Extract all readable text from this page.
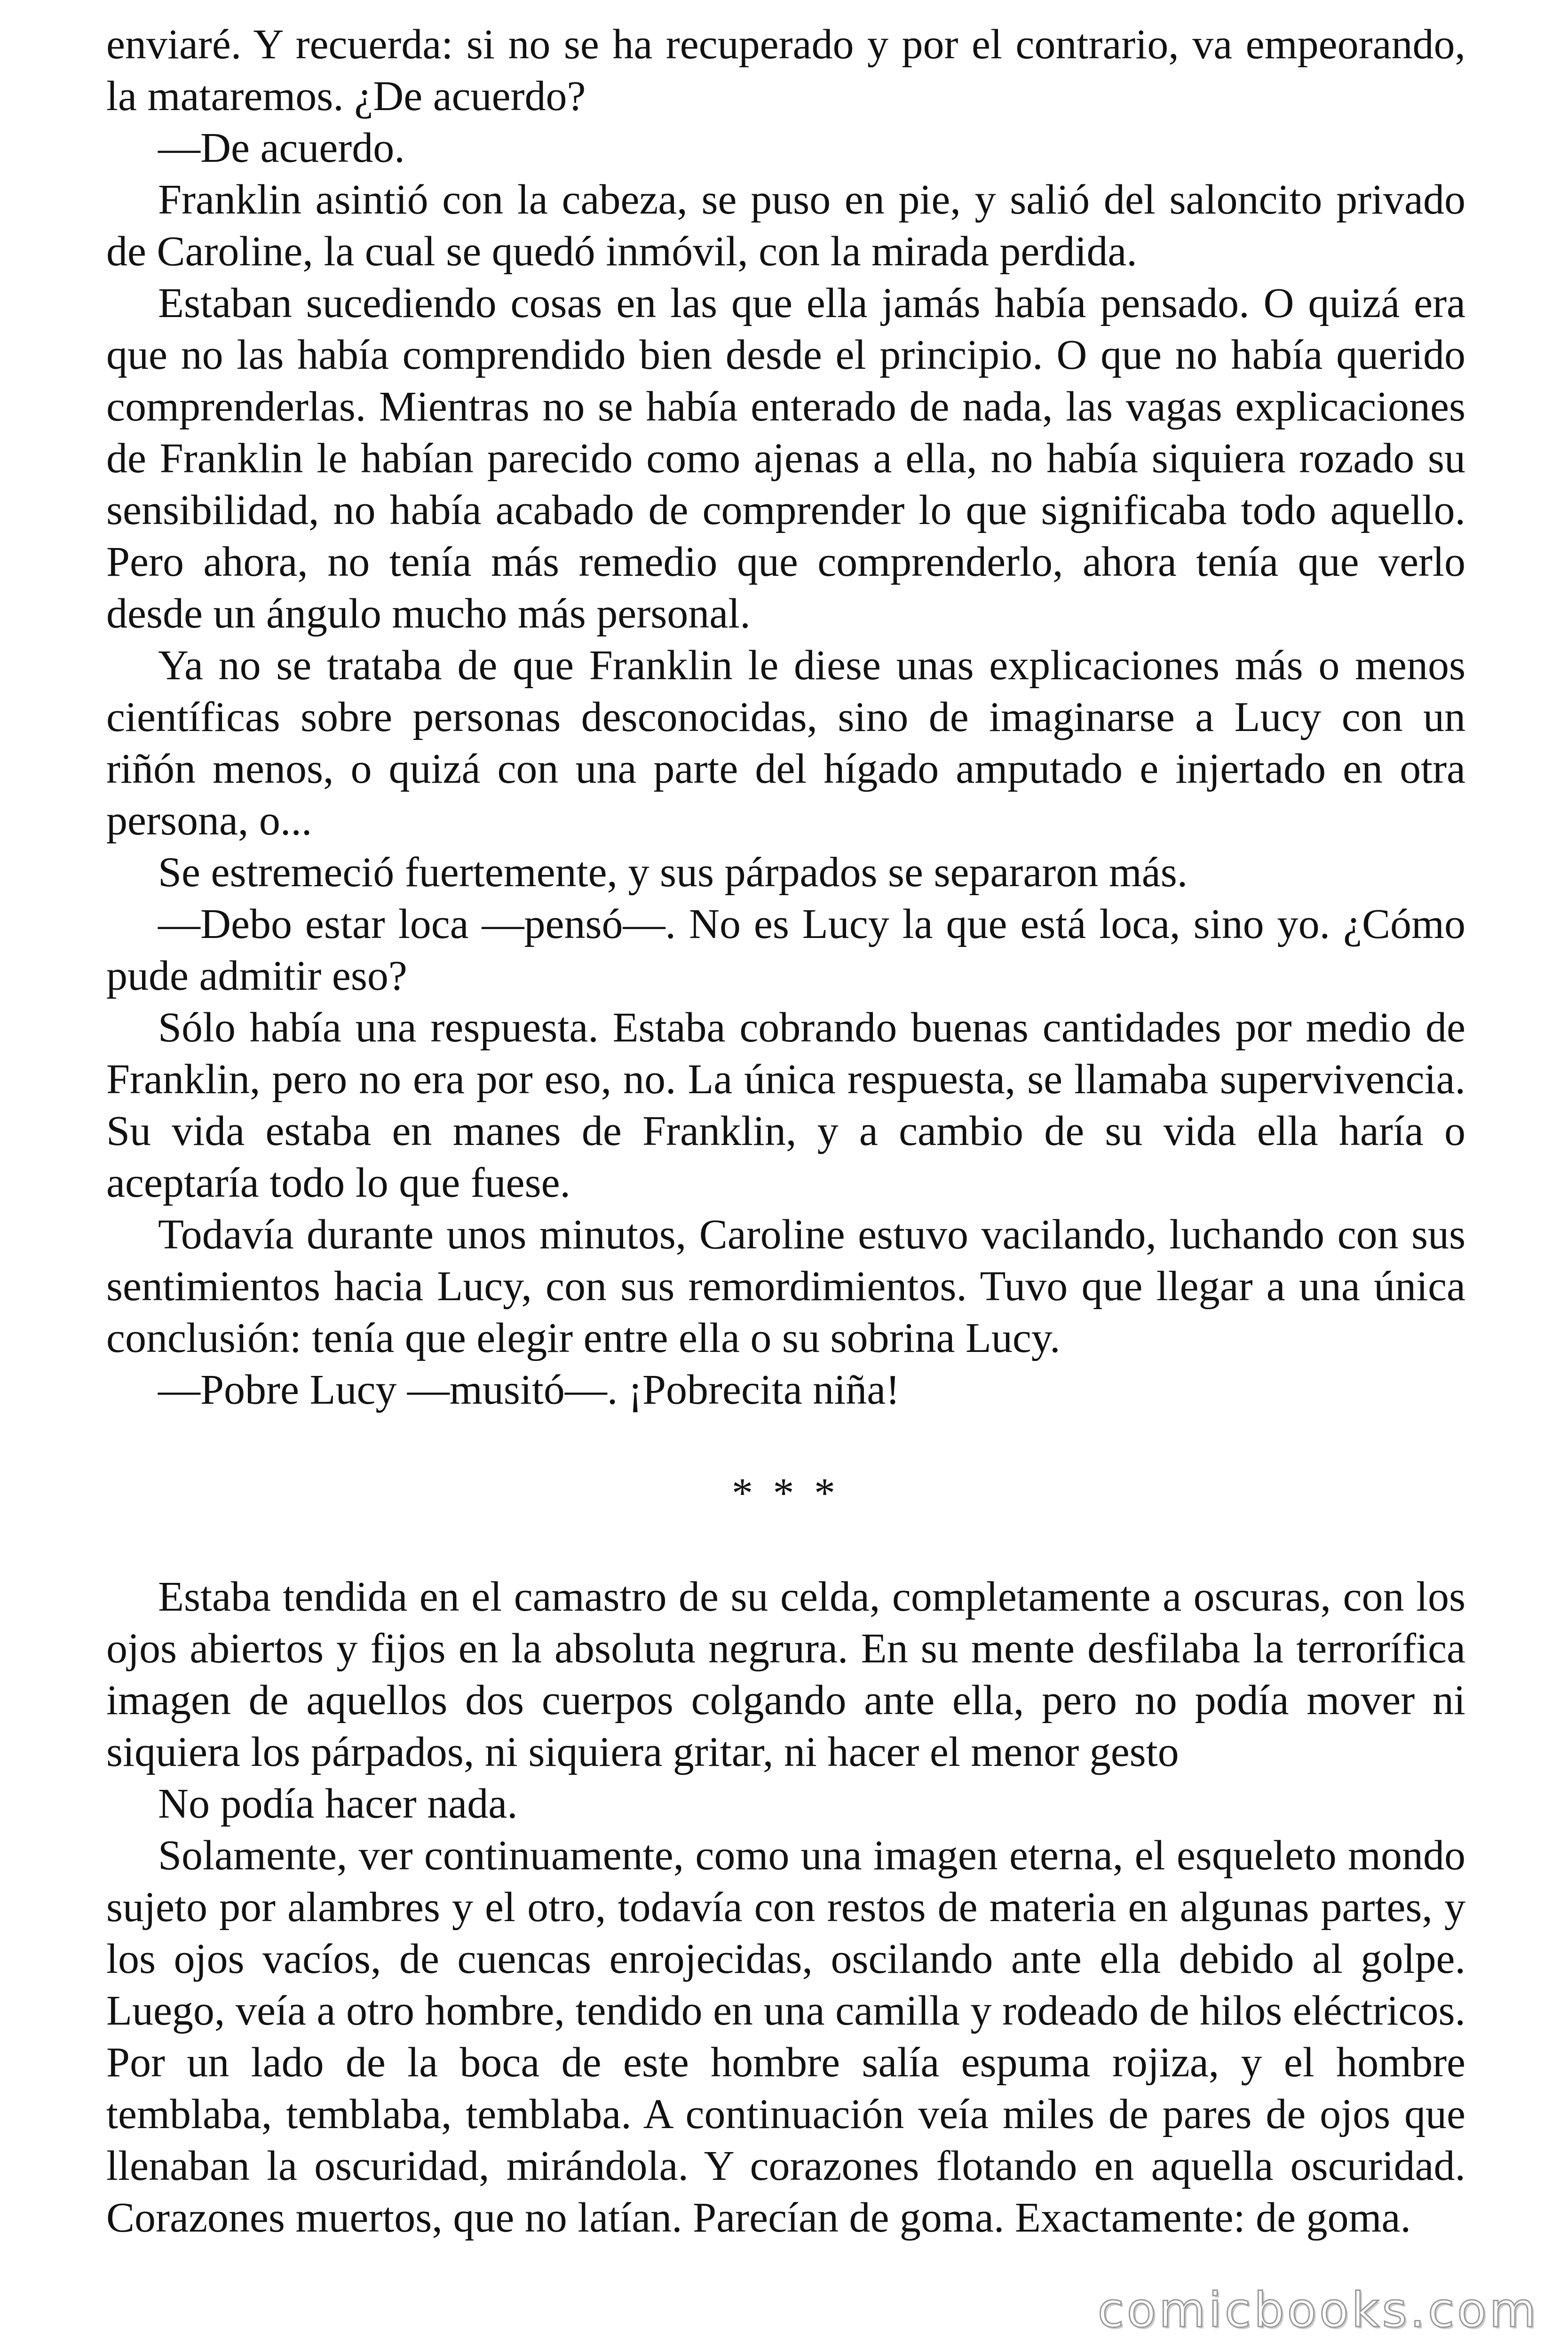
enviaré. Y recuerda: si no se ha recuperado y por el contrario, va empeorando, la mataremos. ¿De acuerdo?

—De acuerdo.

Franklin asintió con la cabeza, se puso en pie, y salió del saloncito privado de Caroline, la cual se quedó inmóvil, con la mirada perdida.

Estaban sucediendo cosas en las que ella jamás había pensado. O quizá era que no las había comprendido bien desde el principio. O que no había querido comprenderlas. Mientras no se había enterado de nada, las vagas explicaciones de Franklin le habían parecido como ajenas a ella, no había siquiera rozado su sensibilidad, no había acabado de comprender lo que significaba todo aquello. Pero ahora, no tenía más remedio que comprenderlo, ahora tenía que verlo desde un ángulo mucho más personal.

Ya no se trataba de que Franklin le diese unas explicaciones más o menos científicas sobre personas desconocidas, sino de imaginarse a Lucy con un riñón menos, o quizá con una parte del hígado amputado e injertado en otra persona, o...

Se estremeció fuertemente, y sus párpados se separaron más.

—Debo estar loca —pensó—. No es Lucy la que está loca, sino yo. ¿Cómo pude admitir eso?

Sólo había una respuesta. Estaba cobrando buenas cantidades por medio de Franklin, pero no era por eso, no. La única respuesta, se llamaba supervivencia. Su vida estaba en manes de Franklin, y a cambio de su vida ella haría o aceptaría todo lo que fuese.

Todavía durante unos minutos, Caroline estuvo vacilando, luchando con sus sentimientos hacia Lucy, con sus remordimientos. Tuvo que llegar a una única conclusión: tenía que elegir entre ella o su sobrina Lucy.

—Pobre Lucy —musitó—. ¡Pobrecita niña!

* * *

Estaba tendida en el camastro de su celda, completamente a oscuras, con los ojos abiertos y fijos en la absoluta negrura. En su mente desfilaba la terrorífica imagen de aquellos dos cuerpos colgando ante ella, pero no podía mover ni siquiera los párpados, ni siquiera gritar, ni hacer el menor gesto

No podía hacer nada.

Solamente, ver continuamente, como una imagen eterna, el esqueleto mondo sujeto por alambres y el otro, todavía con restos de materia en algunas partes, y los ojos vacíos, de cuencas enrojecidas, oscilando ante ella debido al golpe. Luego, veía a otro hombre, tendido en una camilla y rodeado de hilos eléctricos. Por un lado de la boca de este hombre salía espuma rojiza, y el hombre temblaba, temblaba, temblaba. A continuación veía miles de pares de ojos que llenaban la oscuridad, mirándola. Y corazones flotando en aquella oscuridad. Corazones muertos, que no latían. Parecían de goma. Exactamente: de goma.

comicbooks.com
